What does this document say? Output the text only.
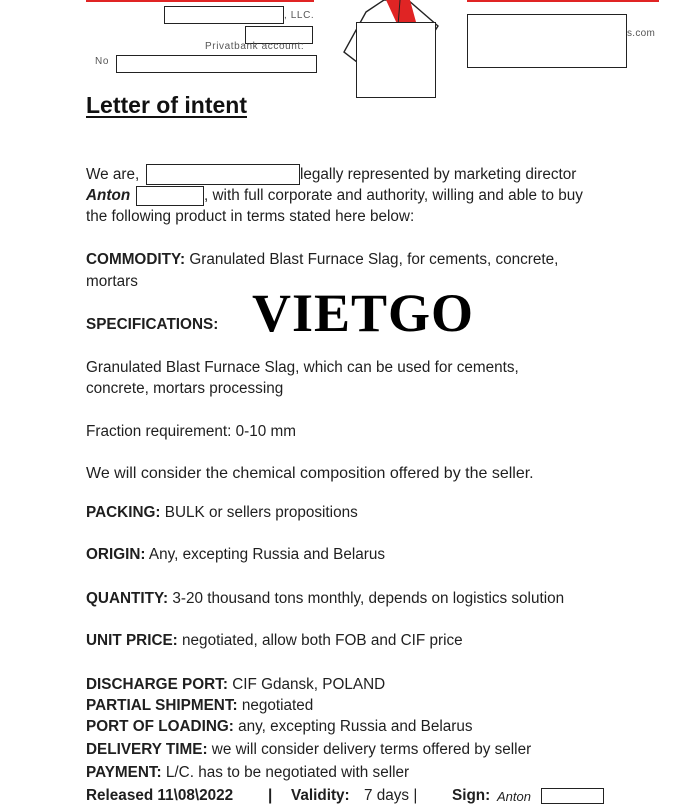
, LLC.
Privatbank account:
No
s.com
Letter of intent
We are,	legally represented by marketing director
Anton	, with full corporate and authority, willing and able to buy
the following product in terms stated here below:
COMMODITY: Granulated Blast Furnace Slag, for cements, concrete,
mortars
SPECIFICATIONS: VIETGO
Granulated Blast Furnace Slag, which can be used for cements,
concrete, mortars processing
Fraction requirement: 0-10 mm
We will consider the chemical composition offered by the seller.
PACKING: BULK or sellers propositions
ORIGIN: Any, excepting Russia and Belarus
QUANTITY: 3-20 thousand tons monthly, depends on logistics solution
UNIT PRICE: negotiated, allow both FOB and CIF price
DISCHARGE PORT: CIF Gdansk, POLAND
PARTIAL SHIPMENT: negotiated
PORT OF LOADING: any, excepting Russia and Belarus
DELIVERY TIME: we will consider delivery terms offered by seller
PAYMENT: L/C. has to be negotiated with seller
Released 11\08\2022 | Validity: 7 days | Sign: Anton
